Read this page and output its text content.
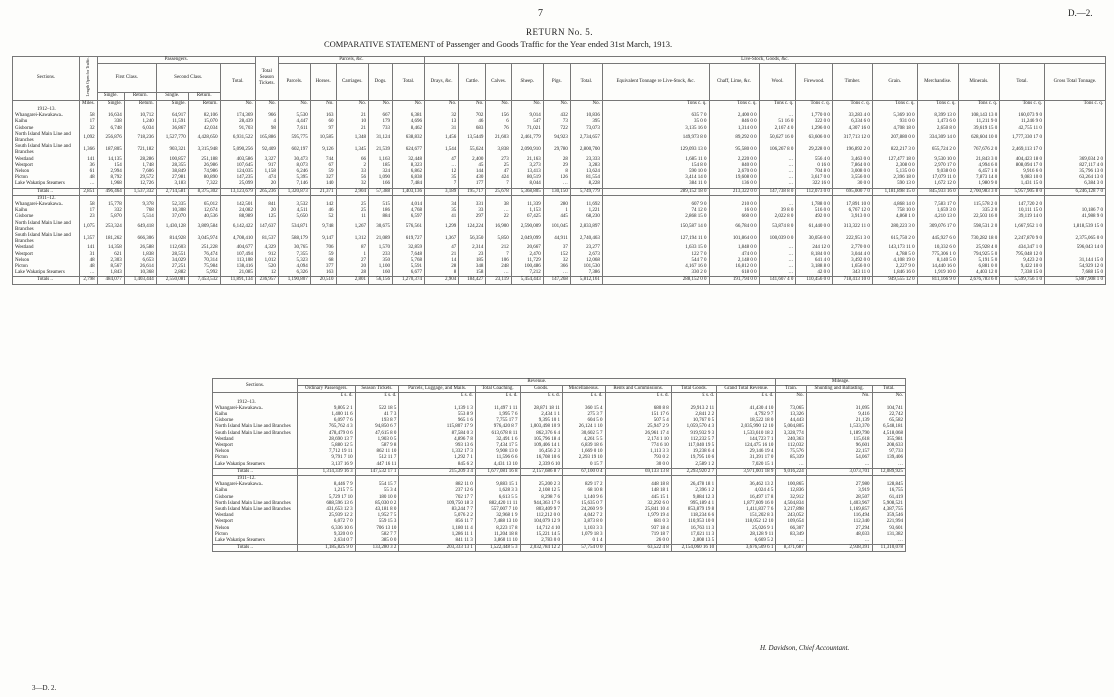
7	D.—2.
RETURN No. 5.
COMPARATIVE STATEMENT of Passenger and Goods Traffic for the Year ended 31st March, 1913.
Sections.	Length Open for Traffic.	Passengers.					Total Season Tickets.	Parcels, &c.					Live-Stock, Goods, &c.															
		First Class.		Second Class.		Total.		Parcels.	Horses.	Carriages.	Dogs.	Total.	Drays, &c.	Cattle.	Calves.	Sheep.	Pigs.	Total.	Equivalent Tonnage re Live-Stock, &c.	Chaff, Lime, &c.	Wool.	Firewood.	Timber.	Grain.	Merchandise.	Minerals.	Total.	Gross Total Tonnage.
		Single.	Return.	Single.	Return.																							
	Miles.	Single.	Return.	Single.	Return.	No.	No.	No.	No.	No.	No.	No.	No.	No.	No.	No.	No.	No.	Tons c. q.	Tons c. q.	Tons c. q.	Tons c. q.	Tons c. q.	Tons c. q.	Tons c. q.	Tons c. q.	Tons c. q.	Tons c. q.
1912–13.																												
Whangarei-Kawakawa..	58	16,634	10,712	64,917	82,106	174,369	966	5,530	163	21	667	6,381	32	702	156	9,014	432	10,836	635 7 0	2,400 0 0	…	1,770 0 0	33,283 4 0	5,369 10 0	8,399 13 0	108,143 13 0	160,073 9 0	
Kaihu	17	338	1,240	11,591	15,070	28,439	4	4,447	60	10	179	4,696	13	46	6	547	73	395	35 0 0	846 0 0	51 16 0	322 0 0	6,334 6 0	931 0 0	1,473 6 0	11,211 9 0	11,246 9 0	
Gisborne	32	6,748	6,034	36,867	42,034	91,703	98	7,611	97	21	733	8,462	31	683	76	71,021	722	73,073	3,135 16 0	1,314 0 0	2,167 4 0	1,296 0 0	4,307 16 0	4,708 18 0	2,650 8 0	39,619 15 0	42,755 11 0	
North Island Main Line and Branches	1,092	256,876	718,236	1,527,770	4,428,650	6,931,522	165,886	595,775	10,585	1,348	31,124	638,832	1,456	13,5449	21,603	2,461,779	94,923	2,734,657	149,973 8 0	89,292 0 0	50,627 16 0	63,606 0 0	317,713 12 0	207,880 0 0	334,309 14 0	628,604 10 0	1,777,330 17 0	
South Island Main Line and Branches	1,366	187,805	721,182	903,321	3,315,948	5,090,256	92,409	602,197	9,126	1,345	21,539	624,677	1,544	55,624	3,838	2,090,910	29,780	2,800,700	129,093 13 0	95,580 0 0	106,267 8 0	29,228 0 0	196,892 2 0	822,217 3 0	655,724 2 0	767,676 2 0	2,469,113 17 0	
Westland	141	14,135	28,286	100,857	251,188	403,586	3,327	30,473	744	66	1,163	32,448	47	2,400	273	21,163	28	23,333	1,685 11 0	2,220 0 0	…	556 4 0	3,463 0 0	127,477 18 0	9,530 10 0	21,843 3 0	404,423 18 0	369,034 2 0
Westport	36	154	1,748	28,355	26,986	107,645	917	8,073	67	2	185	8,323	…	45	25	3,273	29	3,283	154 8 0	840 0 0	…	0 16 0	7,864 0 0	2,308 0 0	2,970 17 0	4,994 6 0	808,094 17 0	827,117 4 0
Nelson	61	2,994	7,606	38,849	74,986	124,035	1,158	6,246	59	33	324	6,862	12	144	47	13,413	8	13,624	590 10 0	2,670 0 0	…	704 8 0	3,008 0 0	5,135 0 0	9,038 0 0	6,457 1 0	9,916 6 0	35,796 13 0
Picton	48	8,792	29,572	27,981	80,890	147,235	474	5,395	327	56	1,090	6,838	35	430	424	80,519	126	81,554	3,414 14 0	19,608 0 0	…	3,617 0 0	3,556 0 0	2,396 18 0	17,079 11 0	7,873 14 0	9,083 10 0	63,264 13 0
Lake Wakatipu Steamers	…	1,968	12,726	3,183	7,322	25,099	20	7,146	140	32	166	7,484	7	177	7	8,044	…	8,228	384 11 0	136 0 0	…	322 16 0	30 0 0	590 13 0	1,672 12 0	1,980 9 0	1,431 15 0	6,384 3 0
Totals ..	2,851	496,464	1,537,332	2,714,581	8,375,302	13,123,679	265,236	1,320,873	21,371	2,904	57,388	1,403,136	3,189	195,717	25,678	5,368,805	130,150	5,749,779	289,152 18 0	213,322 0 0	147,738 8 0	112,073 0 0	695,000 7 0	1,181,898 15 0	845,933 16 0	2,700,983 3 0	5,957,905 8 0	6,246,128 7 0
1911–12.																												
Whangarei-Kawakawa..	58	15,778	9,378	52,335	65,012	142,501	841	3,532	142	25	515	4,014	34	331	38	11,339	280	11,692	607 9 0	210 0 0	…	1,788 0 0	17,891 10 0	4,868 14 0	7,583 17 0	115,578 2 0	147,720 2 0	
Kaihu	17	332	768	10,308	12,674	24,082	20	4,511	46	25	186	4,768	35	33	…	1,153	1	1,221	74 12 0	16 0 0	39 8 0	516 0 0	6,767 12 0	758 10 0	1,659 3 0	335 2 0	10,111 15 0	10,186 7 0
Gisborne	23	5,870	5,514	37,070	40,536	88,989	125	5,650	52	11	884	6,597	41	297	22	67,425	445	68,230	2,868 15 0	660 0 0	2,022 8 0	492 0 0	3,913 0 0	4,868 1 0	4,210 13 0	22,503 16 0	39,119 14 0	41,988 9 0
North Island Main Line and Branches	1,075	253,324	649,418	1,430,128	3,809,584	6,142,422	147,637	534,871	9,748	1,267	30,675	576,561	1,299	124,224	16,900	2,590,009	101,045	2,833,897	150,587 14 0	66,784 0 0	53,874 8 0	61,440 0 0	313,322 11 0	280,223 3 0	309,076 17 0	598,531 2 0	1,667,952 1 0	1,818,539 15 0
South Island Main Line and Branches	1,357	181,262	666,306	814,928	3,045,974	4,708,410	81,537	588,179	9,147	1,312	21,089	619,727	1,367	56,350	5,850	2,049,099	44,911	2,740,463	127,194 11 0	101,864 0 0	100,039 0 0	30,056 0 0	222,951 3 0	615,750 2 0	445,927 6 0	730,282 18 0	2,247,870 9 0	2,375,065 0 0
Westland	141	14,358	26,588	112,603	251,228	404,677	4,329	30,765	706	87	1,570	32,859	47	2,314	212	20,667	37	23,277	1,633 15 0	1,848 0 0	…	244 12 0	2,770 0 0	143,173 11 0	10,332 6 0	25,928 4 0	434,347 1 0	596,043 14 0
Westport	31	621	1,838	28,551	76,474	107,494	912	7,355	59	1	233	7,648	21	23	7	2,470	152	2,673	122 7 0	474 0 0	…	8,184 0 0	3,044 4 0	4,788 5 0	775,306 1 0	794,925 5 0	795,048 12 0	
Nelson	48	2,303	6,653	34,029	70,314	113,108	1,012	5,323	68	27	350	5,768	14	185	106	11,729	32	12,068	544 7 0	2,148 0 0	…	641 4 0	3,492 0 0	4,108 19 0	8,140 5 0	5,191 5 0	9,423 2 0	31,144 15 0
Picton	48	8,567	26,614	27,251	75,984	138,416	520	4,094	377	20	1,100	5,591	28	348	248	100,486	366	101,530	4,167 16 0	16,812 0 0	…	3,188 8 0	1,656 0 0	2,227 9 0	14,440 16 0	6,881 0 0	9,422 10 0	54,929 12 0
Lake Wakatipu Steamers	…	1,843	10,368	2,882	5,992	21,085	12	6,326	163	28	160	6,677	8	158	…	7,212	…	7,386	330 2 0	618 0 0	…	42 0 0	343 11 0	1,846 16 0	1,919 10 0	4,403 12 0	7,338 15 0	7,688 15 0
Totals ..	2,798	484,077	1,403,444	2,550,081	7,453,532	11,891,134	236,957	1,190,807	20,510	2,801	56,156	1,270,374	2,904	184,427	23,119	5,454,443	147,268	5,812,161	288,152 0 0	191,794 0 0	141,607 4 0	110,456 0 0	718,413 10 0	949,555 12 0	811,166 9 0	2,676,783 6 0	5,599,756 1 0	5,887,908 1 0
Sections.	Revenue.									Mileage.		
	Ordinary Passengers.	Season Tickets.	Parcels, Luggage, and Mails.	Total Coaching.	Goods.	Miscellaneous.	Rents and Commissions.	Total Goods.	Grand Total Revenue.	Train.	Shunting and Ballasting.	Total.
	£ s. d.	£ s. d.	£ s. d.	£ s. d.	£ s. d.	£ s. d.	£ s. d.	£ s. d.	£ s. d.	No.	No.	No.
1912–13.												
Whangarei-Kawakawa..	9,805 2 1	522 18 5	1,139 1 3	11,497 1 11	28,871 18 11	360 15 4	680 8 8	29,913 2 11	41,430 4 10	73,065	31,095	104,741
Kaihu	1,400 11 6	41 7 3	553 8 9	1,995 7 6	2,434 1 1	275 3 7	151 17 6	2,841 2 2	4,792 9 7	13,326	9,416	22,742
Gisborne	6,097 7 6	193 8 7	965 1 6	7,755 17 7	9,395 10 1	604 5 0	507 5 4	10,767 0 5	18,522 18 0	44,443	21,139	65,582
North Island Main Line and Branches	765,762 4 3	94,850 6 7	115,807 17 9	976,420 8 7	1,003,498 10 9	26,124 1 10	25,947 2 9	1,059,570 4 3	2,035,990 12 10	5,004,805	1,533,370	6,548,181
South Island Main Line and Branches	478,479 0 6	47,615 8 0	87,584 0 3	613,678 8 11	862,376 6 4	30,602 5 7	26,961 17 4	919,932 9 3	1,533,610 18 2	3,328,774	1,189,790	4,518,068
Westland	28,690 13 7	1,903 0 5	4,896 7 8	32,491 1 6	105,796 18 4	4,261 5 5	2,174 1 10	112,232 5 7	144,723 7 1	240,363	115,618	355,981
Westport	5,880 12 5	587 9 8	993 13 6	7,434 17 5	109,406 14 1	6,839 18 6	774 6 10	117,040 19 5	124,475 16 10	112,032	96,601	208,633
Nelson	7,712 19 11	862 11 10	1,332 17 3	9,908 13 0	16,456 2 3	1,669 0 10	1,113 3 3	19,238 6 4	29,146 19 4	75,576	22,157	97,733
Picton	9,791 7 10	512 11 7	1,292 7 1	11,596 6 6	16,708 10 6	2,293 19 10	793 0 2	19,795 10 6	31,391 17 0	85,339	54,067	139,406
Lake Wakatipu Steamers	3,137 16 9	447 16 11	845 6 2	4,431 13 10	2,339 6 10	0 15 7	30 0 0	2,589 1 2	7,020 15 1	…	…	…
Totals ..	1,314,339 16 3	147,532 17 1	215,209 3 4	1,677,081 16 8	2,157,686 8 7	67,100 0 4	69,133 13 8	2,293,920 2 7	3,971,001 18 9	9,016,224	3,073,701	12,089,925
1911–12.												
Whangarei-Kawakawa..	8,446 7 9	554 15 7	882 11 0	9,883 15 1	25,200 2 3	829 17 2	448 18 8	26,478 18 1	36,462 13 2	100,865	27,980	128,845
Kaihu	1,215 7 5	55 3 4	237 12 6	1,628 3 3	2,108 12 5	68 10 8	148 18 1	2,396 1 2	4,024 4 5	12,836	3,919	16,755
Gisborne	5,729 17 10	180 10 0	702 17 7	6,613 5 5	8,298 7 6	1,140 9 6	445 15 1	9,884 12 3	16,497 17 8	32,912	28,507	61,419
North Island Main Line and Branches	688,596 13 6	85,030 0 2	109,750 18 3	882,420 11 11	944,363 17 6	15,635 0 7	32,292 6 0	995,189 4 1	1,877,609 16 0	4,504,834	1,403,967	5,908,521
South Island Main Line and Branches	431,653 12 3	43,181 8 0	83,244 7 7	557,007 7 10	803,409 9 7	24,260 9 9	25,841 10 4	853,879 19 8	1,411,837 7 6	3,217,898	1,169,857	4,387,755
Westland	25,939 12 2	1,952 7 5	5,076 2 2	32,968 1 9	112,212 0 0	4,042 7 2	1,979 19 4	118,234 6 6	151,202 8 3	243,052	116,494	359,546
Westport	6,072 7 0	559 15 3	856 11 7	7,488 13 10	104,079 12 9	3,873 8 0	681 0 3	110,953 10 0	118,052 12 10	109,654	112,340	221,994
Nelson	6,336 10 6	706 13 10	1,180 11 4	8,223 17 8	14,712 4 10	1,103 3 3	937 18 4	16,763 11 3	25,026 9 1	66,307	27,294	93,601
Picton	9,320 0 0	582 7 7	1,286 11 1	11,204 18 8	15,221 14 5	1,079 18 3	719 18 7	17,021 11 3	28,128 9 11	83,349	48,033	131,382
Lake Wakatipu Steamers	2,634 0 7	385 0 0	841 11 3	3,860 11 10	2,783 0 0	0 1 4	26 0 0	2,808 13 5	6,669 5 2	…	…	…
Totals ..	1,185,825 9 0	133,280 3 2	203,333 13 1	1,522,448 5 3	2,032,784 12 2	57,754 0 0	63,522 4 8	2,154,060 16 10	3,676,509 6 1	8,371,687	2,938,391	11,310,078
H. Davidson, Chief Accountant.
3—D. 2.
